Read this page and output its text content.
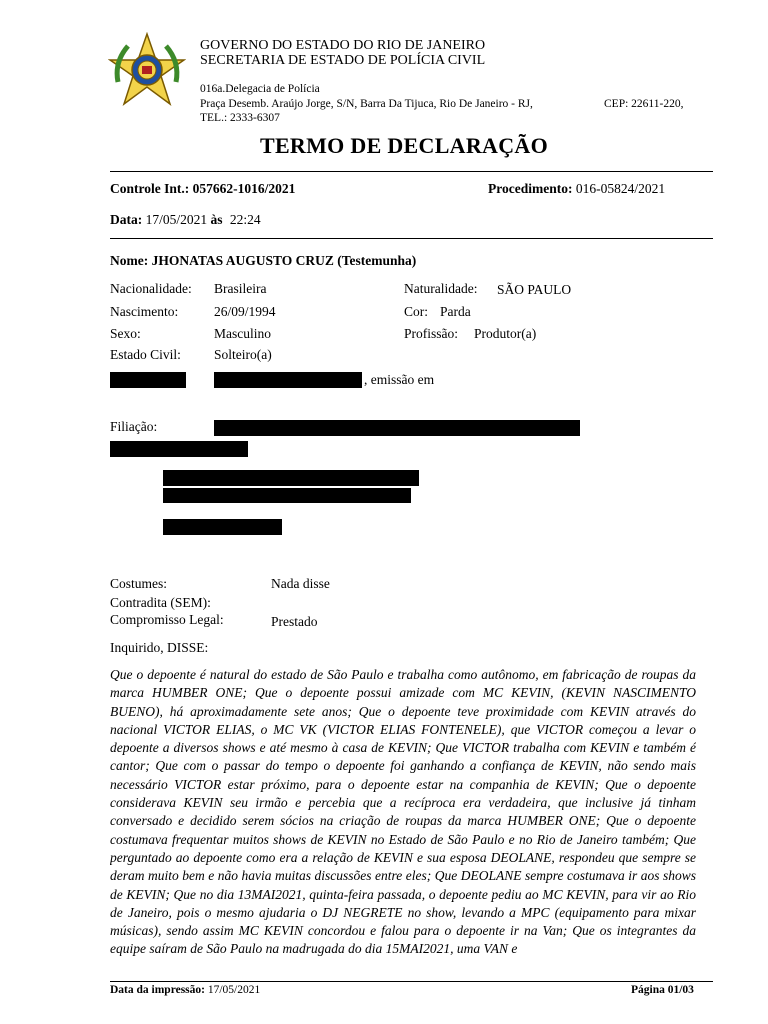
GOVERNO DO ESTADO DO RIO DE JANEIRO
SECRETARIA DE ESTADO DE POLÍCIA CIVIL
016a.Delegacia de Polícia
Praça Desemb. Araújo Jorge, S/N, Barra Da Tijuca, Rio De Janeiro - RJ,	CEP: 22611-220,
TEL.: 2333-6307
TERMO DE DECLARAÇÃO
Controle Int.: 057662-1016/2021	Procedimento: 016-05824/2021
Data: 17/05/2021 às 22:24
Nome: JHONATAS AUGUSTO CRUZ (Testemunha)
Nacionalidade: Brasileira	Naturalidade: SÃO PAULO
Nascimento:	26/09/1994	Cor: Parda
Sexo:	Masculino	Profissão: Produtor(a)
Estado Civil: Solteiro(a)
, emissão em
Filiação:
Costumes:	Nada disse
Contradita (SEM):
Compromisso Legal:	Prestado
Inquirido, DISSE:
Que o depoente é natural do estado de São Paulo e trabalha como autônomo, em fabricação de roupas da marca HUMBER ONE; Que o depoente possui amizade com MC KEVIN, (KEVIN NASCIMENTO BUENO), há aproximadamente sete anos; Que o depoente teve proximidade com KEVIN através do nacional VICTOR ELIAS, o MC VK (VICTOR ELIAS FONTENELE), que VICTOR começou a levar o depoente a diversos shows e até mesmo à casa de KEVIN; Que VICTOR trabalha com KEVIN e também é cantor; Que com o passar do tempo o depoente foi ganhando a confiança de KEVIN, não sendo mais necessário VICTOR estar próximo, para o depoente estar na companhia de KEVIN; Que o depoente considerava KEVIN seu irmão e percebia que a recíproca era verdadeira, que inclusive já tinham conversado e decidido serem sócios na criação de roupas da marca HUMBER ONE; Que o depoente costumava frequentar muitos shows de KEVIN no Estado de São Paulo e no Rio de Janeiro também; Que perguntado ao depoente como era a relação de KEVIN e sua esposa DEOLANE, respondeu que sempre se deram muito bem e não havia muitas discussões entre eles; Que DEOLANE sempre costumava ir aos shows de KEVIN; Que no dia 13MAI2021, quinta-feira passada, o depoente pediu ao MC KEVIN, para vir ao Rio de Janeiro, pois o mesmo ajudaria o DJ NEGRETE no show, levando a MPC (equipamento para mixar músicas), sendo assim MC KEVIN concordou e falou para o depoente ir na Van; Que os integrantes da equipe saíram de São Paulo na madrugada do dia 15MAI2021, uma VAN e
Data da impressão: 17/05/2021	Página 01/03
